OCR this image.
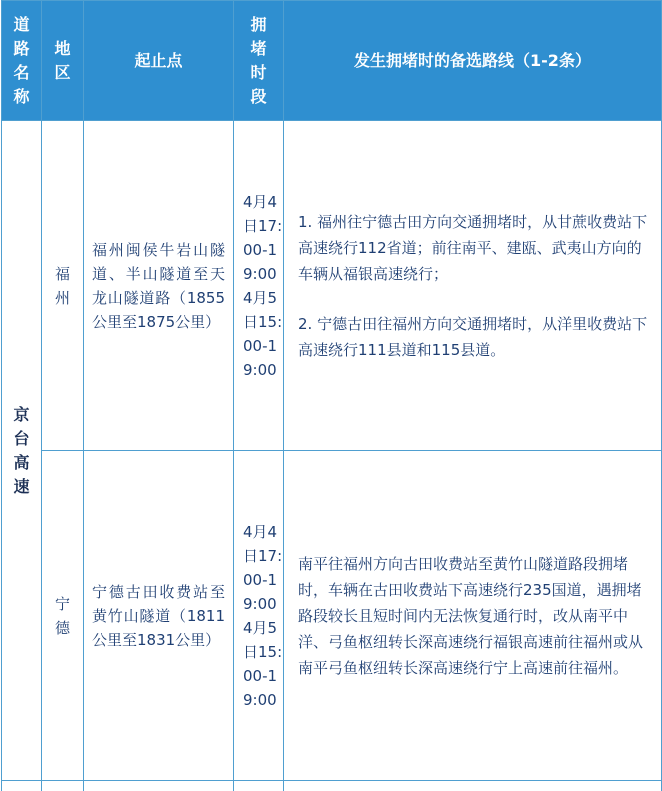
道路名称	地区	起止点	拥堵时段	发生拥堵时的备选路线（1-2条）
京台高速	福州	福州闽侯牛岩山隧道、半山隧道至天龙山隧道路（1855公里至1875公里）	4月4日17:00-19:00 4月5日15:00-19:00	1. 福州往宁德古田方向交通拥堵时，从甘蔗收费站下高速绕行112省道；前往南平、建瓯、武夷山方向的车辆从福银高速绕行；

2. 宁德古田往福州方向交通拥堵时，从洋里收费站下高速绕行111县道和115县道。

	宁德	宁德古田收费站至黄竹山隧道（1811公里至1831公里）	4月4日17:00-19:00 4月5日15:00-19:00	南平往福州方向古田收费站至黄竹山隧道路段拥堵时，车辆在古田收费站下高速绕行235国道，遇拥堵路段较长且短时间内无法恢复通行时，改从南平中洋、弓鱼枢纽转长深高速绕行福银高速前往福州或从南平弓鱼枢纽转长深高速绕行宁上高速前往福州。
